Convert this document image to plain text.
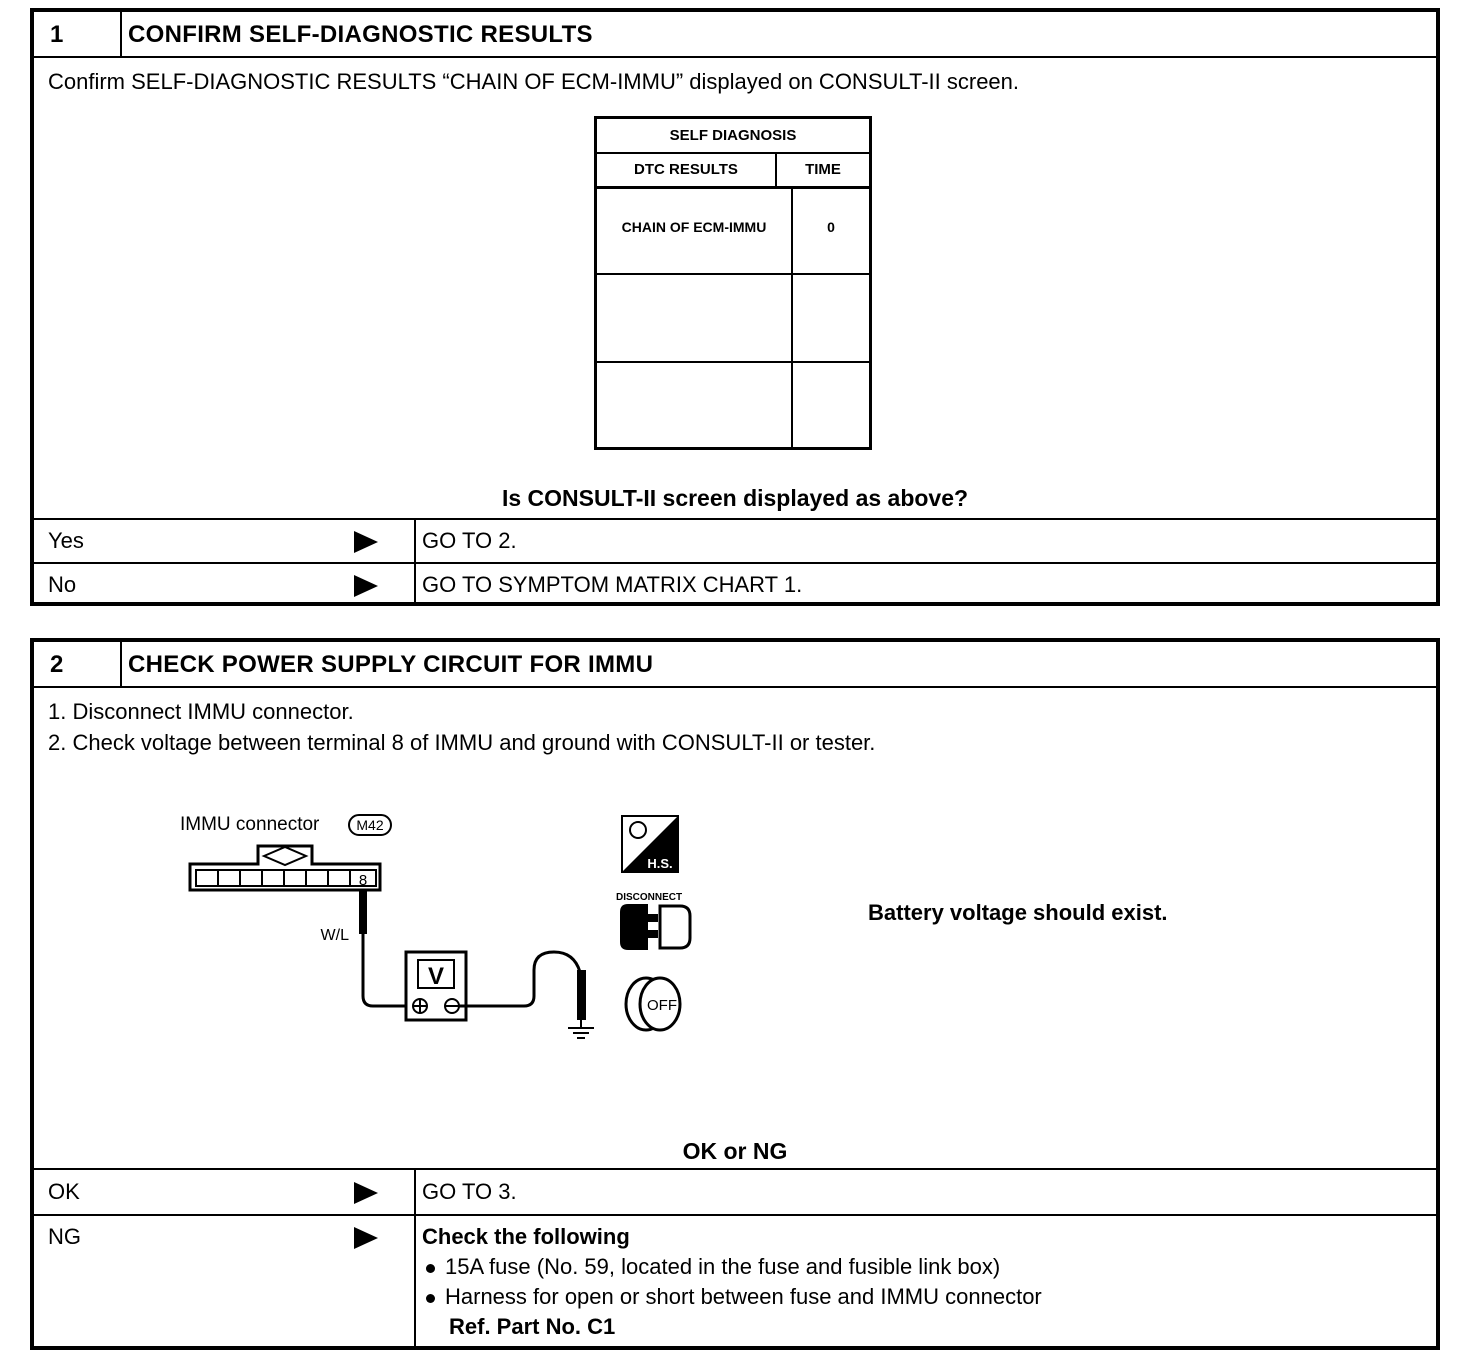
1	CONFIRM SELF-DIAGNOSTIC RESULTS
Confirm SELF-DIAGNOSTIC RESULTS “CHAIN OF ECM-IMMU” displayed on CONSULT-II screen.
SELF DIAGNOSIS
DTC RESULTS	TIME
CHAIN OF ECM-IMMU	0
Is CONSULT-II screen displayed as above?
Yes	GO TO 2.
No	GO TO SYMPTOM MATRIX CHART 1.
2	CHECK POWER SUPPLY CIRCUIT FOR IMMU
1. Disconnect IMMU connector.
2. Check voltage between terminal 8 of IMMU and ground with CONSULT-II or tester.
IMMU connector	M42
8
W/L
V
H.S.
DISCONNECT
OFF
Battery voltage should exist.
OK or NG
OK	GO TO 3.
NG	Check the following
15A fuse (No. 59, located in the fuse and fusible link box)
Harness for open or short between fuse and IMMU connector
Ref. Part No. C1
